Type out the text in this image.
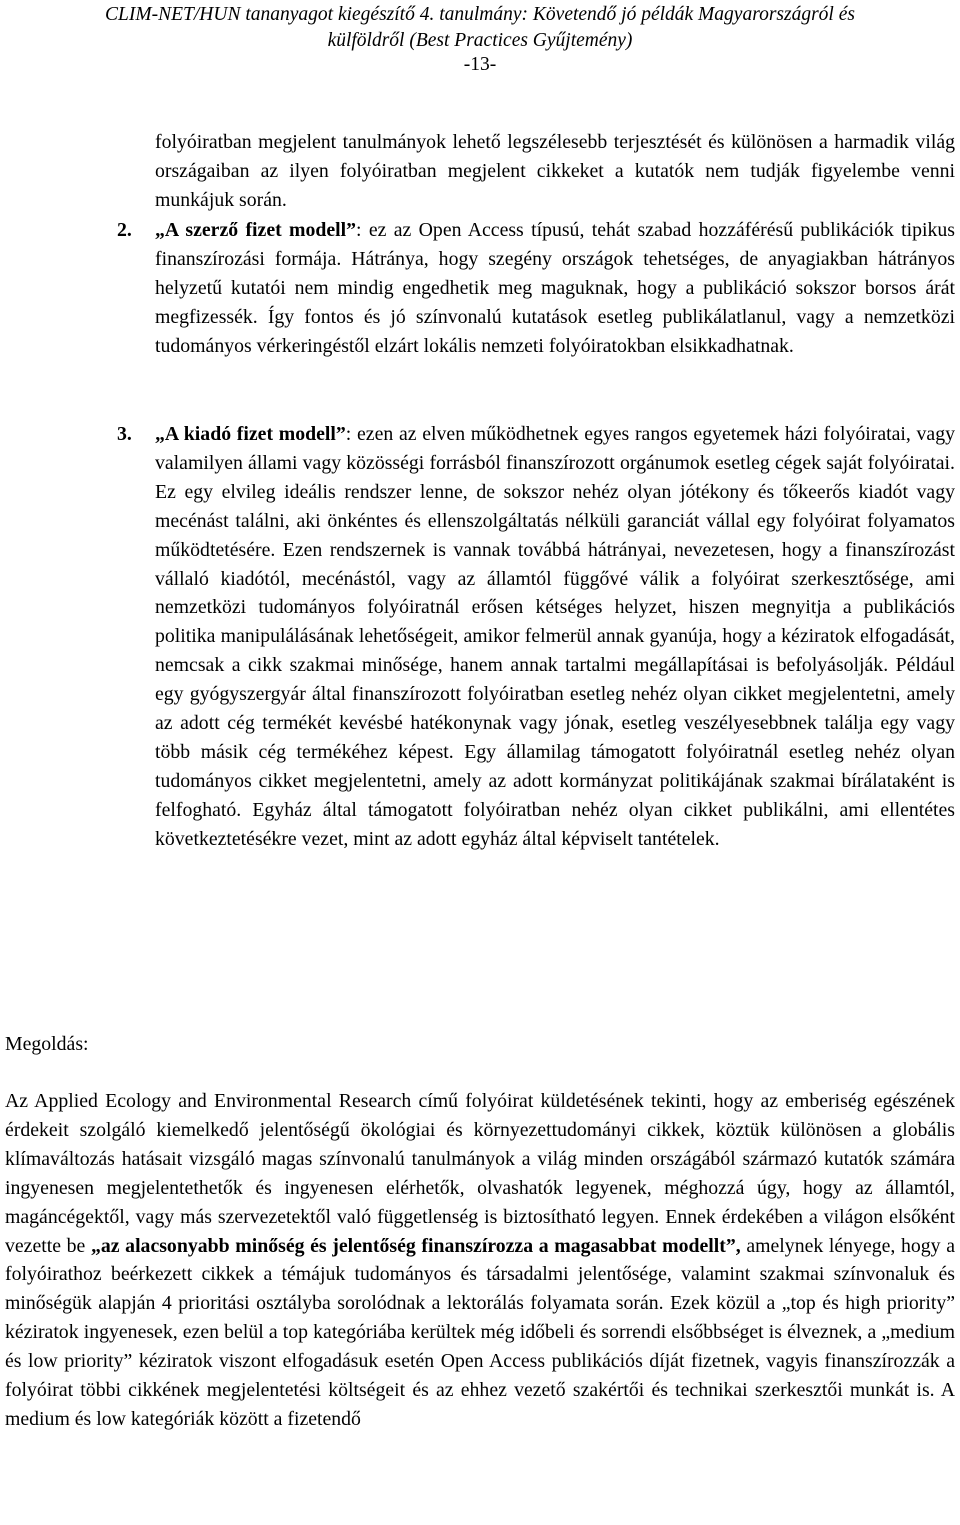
CLIM-NET/HUN tananyagot kiegészítő 4. tanulmány: Követendő jó példák Magyarországról és
külföldről (Best Practices Gyűjtemény)
-13-
folyóiratban megjelent tanulmányok lehető legszélesebb terjesztését és különösen a harmadik világ országaiban az ilyen folyóiratban megjelent cikkeket a kutatók nem tudják figyelembe venni munkájuk során.
2. „A szerző fizet modell”: ez az Open Access típusú, tehát szabad hozzáférésű publikációk tipikus finanszírozási formája. Hátránya, hogy szegény országok tehetséges, de anyagiakban hátrányos helyzetű kutatói nem mindig engedhetik meg maguknak, hogy a publikáció sokszor borsos árát megfizessék. Így fontos és jó színvonalú kutatások esetleg publikálatlanul, vagy a nemzetközi tudományos vérkeringéstől elzárt lokális nemzeti folyóiratokban elsikkadhatnak.
3. „A kiadó fizet modell”: ezen az elven működhetnek egyes rangos egyetemek házi folyóiratai, vagy valamilyen állami vagy közösségi forrásból finanszírozott orgánumok esetleg cégek saját folyóiratai. Ez egy elvileg ideális rendszer lenne, de sokszor nehéz olyan jótékony és tőkeerős kiadót vagy mecénást találni, aki önkéntes és ellenszolgáltatás nélküli garanciát vállal egy folyóirat folyamatos működtetésére. Ezen rendszernek is vannak továbbá hátrányai, nevezetesen, hogy a finanszírozást vállaló kiadótól, mecénástól, vagy az államtól függővé válik a folyóirat szerkesztősége, ami nemzetközi tudományos folyóiratnál erősen kétséges helyzet, hiszen megnyitja a publikációs politika manipulálásának lehetőségeit, amikor felmerül annak gyanúja, hogy a kéziratok elfogadását, nemcsak a cikk szakmai minősége, hanem annak tartalmi megállapításai is befolyásolják. Például egy gyógyszergyár által finanszírozott folyóiratban esetleg nehéz olyan cikket megjelentetni, amely az adott cég termékét kevésbé hatékonynak vagy jónak, esetleg veszélyesebbnek találja egy vagy több másik cég termékéhez képest. Egy államilag támogatott folyóiratnál esetleg nehéz olyan tudományos cikket megjelentetni, amely az adott kormányzat politikájának szakmai bírálataként is felfogható. Egyház által támogatott folyóiratban nehéz olyan cikket publikálni, ami ellentétes következtetésékre vezet, mint az adott egyház által képviselt tantételek.
Megoldás:
Az Applied Ecology and Environmental Research című folyóirat küldetésének tekinti, hogy az emberiség egészének érdekeit szolgáló kiemelkedő jelentőségű ökológiai és környezettudományi cikkek, köztük különösen a globális klímaváltozás hatásait vizsgáló magas színvonalú tanulmányok a világ minden országából származó kutatók számára ingyenesen megjelentethetők és ingyenesen elérhetők, olvashatók legyenek, méghozzá úgy, hogy az államtól, magáncégektől, vagy más szervezetektől való függetlenség is biztosítható legyen. Ennek érdekében a világon elsőként vezette be „az alacsonyabb minőség és jelentőség finanszírozza a magasabbat modellt”, amelynek lényege, hogy a folyóirathoz beérkezett cikkek a témájuk tudományos és társadalmi jelentősége, valamint szakmai színvonaluk és minőségük alapján 4 prioritási osztályba sorolódnak a lektorálás folyamata során. Ezek közül a „top és high priority” kéziratok ingyenesek, ezen belül a top kategóriába kerültek még időbeli és sorrendi elsőbbséget is élveznek, a „medium és low priority” kéziratok viszont elfogadásuk esetén Open Access publikációs díját fizetnek, vagyis finanszírozzák a folyóirat többi cikkének megjelentetési költségeit és az ehhez vezető szakértői és technikai szerkesztői munkát is. A medium és low kategóriák között a fizetendő
